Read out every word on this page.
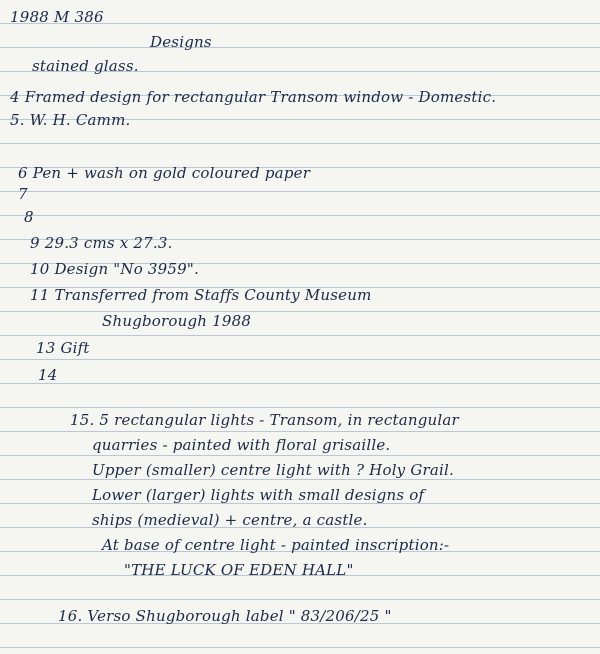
1988 M 386
Designs
stained glass.
4 Framed design for rectangular Transom window - Domestic.
5. W. H. Camm.
6 Pen + wash on gold coloured paper
7
8
9 29.3 cms x 27.3.
10 Design "No 3959".
11 Transferred from Staffs County Museum
Shugborough 1988
13 Gift
14
15. 5 rectangular lights - Transom, in rectangular
quarries - painted with floral grisaille.
Upper (smaller) centre light with ? Holy Grail.
Lower (larger) lights with small designs of
ships (medieval) + centre, a castle.
At base of centre light - painted inscription:-
"THE LUCK OF EDEN HALL"
16. Verso Shugborough label " 83/206/25 "
